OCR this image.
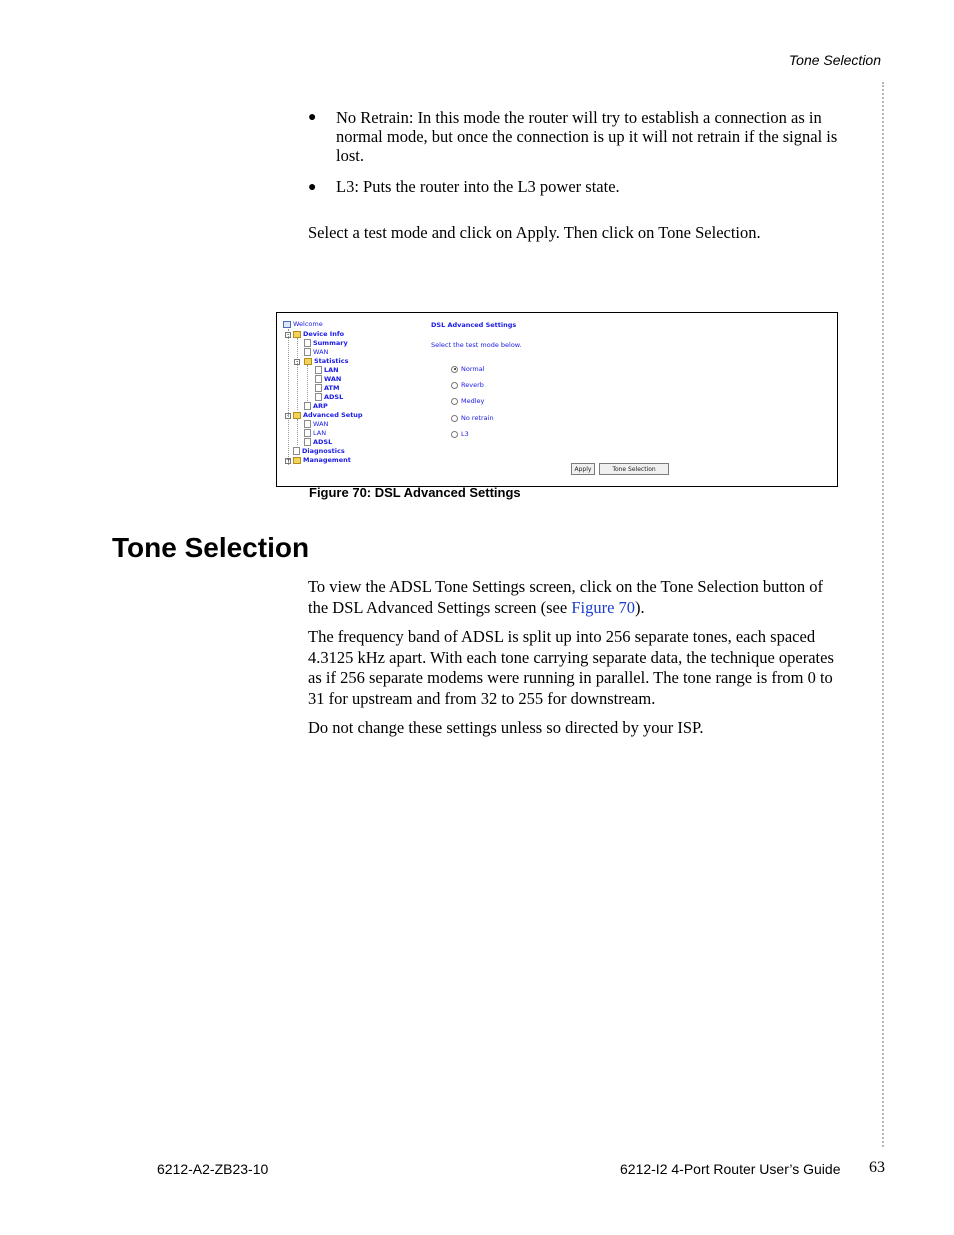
Tone Selection
● No Retrain: In this mode the router will try to establish a connection as in normal mode, but once the connection is up it will not retrain if the signal is lost.
● L3: Puts the router into the L3 power state.
Select a test mode and click on Apply. Then click on Tone Selection.
Welcome
- Device Info
Summary
WAN
- Statistics
LAN
WAN
ATM
ADSL
ARP
- Advanced Setup
WAN
LAN
ADSL
Diagnostics
+ Management
DSL Advanced Settings
Select the test mode below.
Normal
Reverb
Medley
No retrain
L3
Apply	Tone Selection
Figure 70: DSL Advanced Settings
Tone Selection
To view the ADSL Tone Settings screen, click on the Tone Selection button of the DSL Advanced Settings screen (see Figure 70).
The frequency band of ADSL is split up into 256 separate tones, each spaced 4.3125 kHz apart. With each tone carrying separate data, the technique operates as if 256 separate modems were running in parallel. The tone range is from 0 to 31 for upstream and from 32 to 255 for downstream.
Do not change these settings unless so directed by your ISP.
6212-A2-ZB23-10	6212-I2 4-Port Router User’s Guide 63
